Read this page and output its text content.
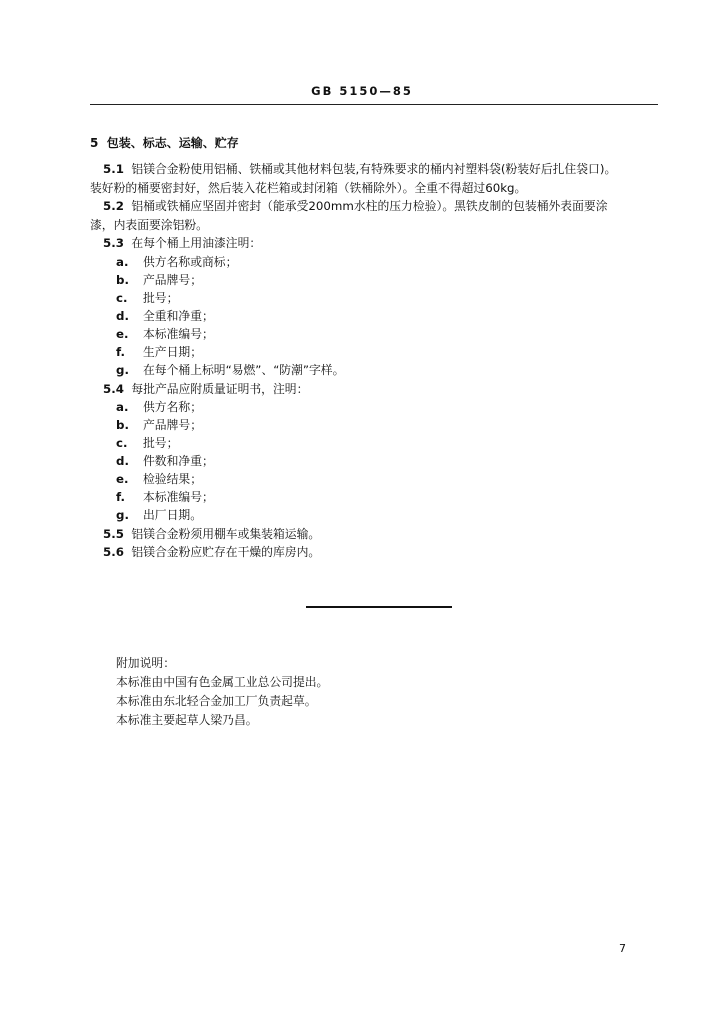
GB 5150—85
5 包装、标志、运输、贮存
5.1 铝镁合金粉使用铝桶、铁桶或其他材料包装,有特殊要求的桶内衬塑料袋(粉装好后扎住袋口)。
装好粉的桶要密封好，然后装入花栏箱或封闭箱（铁桶除外）。全重不得超过60kg。
5.2 铝桶或铁桶应坚固并密封（能承受200mm水柱的压力检验）。黑铁皮制的包装桶外表面要涂
漆，内表面要涂铝粉。
5.3 在每个桶上用油漆注明：
a. 供方名称或商标；
b. 产品牌号；
c. 批号；
d. 全重和净重；
e. 本标准编号；
f. 生产日期；
g. 在每个桶上标明“易燃”、“防潮”字样。
5.4 每批产品应附质量证明书，注明：
a. 供方名称；
b. 产品牌号；
c. 批号；
d. 件数和净重；
e. 检验结果；
f. 本标准编号；
g. 出厂日期。
5.5 铝镁合金粉须用棚车或集装箱运输。
5.6 铝镁合金粉应贮存在干燥的库房内。
附加说明：
本标准由中国有色金属工业总公司提出。
本标准由东北轻合金加工厂负责起草。
本标准主要起草人梁乃昌。
7
